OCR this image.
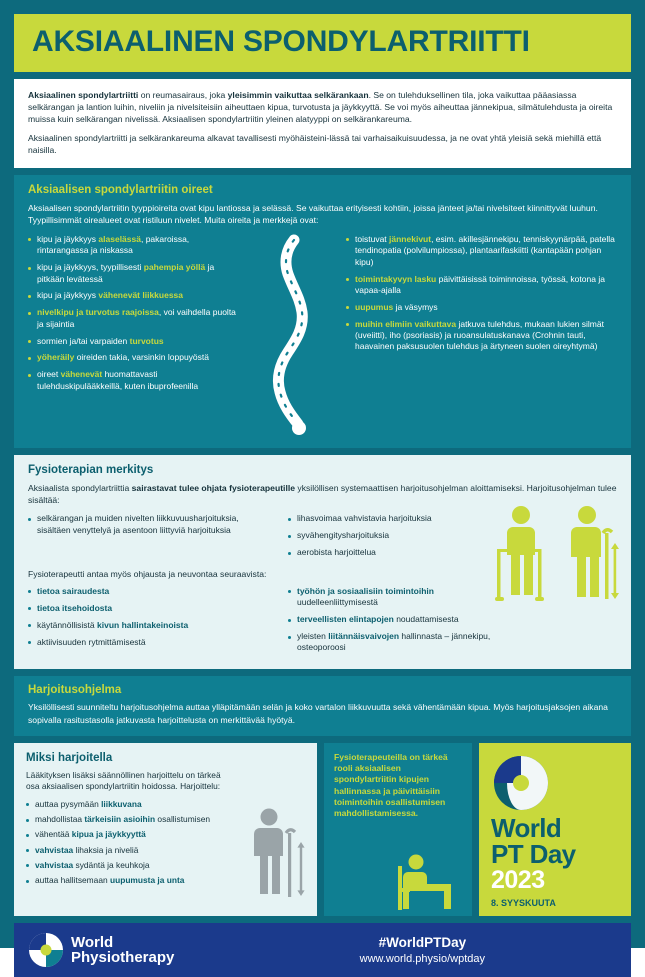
AKSIAALINEN SPONDYLARTRIITTI

Aksiaalinen spondylartriitti on reumasairaus, joka yleisimmin vaikuttaa selkärankaan. Se on tulehduksellinen tila, joka vaikuttaa pääasiassa selkärangan ja lantion luihin, niveliin ja nivelsiteisiin aiheuttaen kipua, turvotusta ja jäykkyyttä. Se voi myös aiheuttaa jännekipua, silmätulehdusta ja oireita muissa kuin selkärangan nivelissä. Aksiaalisen spondylartriitin yleinen alatyyppi on selkärankareuma.

Aksiaalinen spondylartriitti ja selkärankareuma alkavat tavallisesti myöhäisteini-lässä tai varhaisaikuisuudessa, ja ne ovat yhtä yleisiä sekä miehillä että naisilla.

Aksiaalisen spondylartriitin oireet
Aksiaalisen spondylartriitin tyyppioireita ovat kipu lantiossa ja selässä. Se vaikuttaa erityisesti kohtiin, joissa jänteet ja/tai nivelsiteet kiinnittyvät luuhun. Tyypillisimmät oirealueet ovat ristiluun nivelet. Muita oireita ja merkkejä ovat:
kipu ja jäykkyys alaselässä, pakaroissa, rintarangassa ja niskassa
kipu ja jäykkyys, tyypillisesti pahempia yöllä ja pitkään levätessä
kipu ja jäykkyys vähenevät liikkuessa
nivelkipu ja turvotus raajoissa, voi vaihdella puolta ja sijaintia
sormien ja/tai varpaiden turvotus
yöheräily oireiden takia, varsinkin loppuyöstä
oireet vähenevät huomattavasti tulehduskipulääkkeillä, kuten ibuprofeenilla
toistuvat jännekivut, esim. akillesjännekipu, tenniskyynärpää, patella tendinopatia (polvilumpiossa), plantaarifaskiitti (kantapään pohjan kipu)
toimintakyvyn lasku päivittäisissä toiminnoissa, työssä, kotona ja vapaa-ajalla
uupumus ja väsymys
muihin elimiin vaikuttava jatkuva tulehdus, mukaan lukien silmät (uveiitti), iho (psoriasis) ja ruoansulatuskanava (Crohnin tauti, haavainen paksusuolen tulehdus ja ärtyneen suolen oireyhtymä)
Fysioterapian merkitys
Aksiaalista spondylartriittia sairastavat tulee ohjata fysioterapeutille yksilöllisen systemaattisen harjoitusohjelman aloittamiseksi. Harjoitusohjelman tulee sisältää:
selkärangan ja muiden nivelten liikkuvuusharjoituksia, sisältäen venyttelyä ja asentoon liittyviä harjoituksia
lihasvoimaa vahvistavia harjoituksia
syvähengitysharjoituksia
aerobista harjoittelua
Fysioterapeutti antaa myös ohjausta ja neuvontaa seuraavista:
tietoa sairaudesta
tietoa itsehoidosta
käytännöllisistä kivun hallintakeinoista
aktiivisuuden rytmittämisestä
työhön ja sosiaalisiin toimintoihin uudelleenliittymisestä
terveellisten elintapojen noudattamisesta
yleisten liitännäisvaivojen hallinnasta – jännekipu, osteoporoosi
Harjoitusohjelma

Yksilöllisesti suunniteltu harjoitusohjelma auttaa ylläpitämään selän ja koko vartalon liikkuvuutta sekä vähentämään kipua. Myös harjoitusjaksojen aikana sopivalla rasitustasolla jatkuvasta harjoittelusta on merkittävää hyötyä.

Miksi harjoitella
Lääkityksen lisäksi säännöllinen harjoittelu on tärkeä osa aksiaalisen spondylartriitin hoidossa. Harjoittelu:
auttaa pysymään liikkuvana
mahdollistaa tärkeisiin asioihin osallistumisen
vähentää kipua ja jäykkyyttä
vahvistaa lihaksia ja niveliä
vahvistaa sydäntä ja keuhkoja
auttaa hallitsemaan uupumusta ja unta

Fysioterapeuteilla on tärkeä rooli aksiaalisen spondylartriitin kipujen hallinnassa ja päivittäisiin toimintoihin osallistumisen mahdollistamisessa.	World
PT Day
2023
8. SYYSKUUTA
World
Physiotherapy
#WorldPTDay
www.world.physio/wptday
